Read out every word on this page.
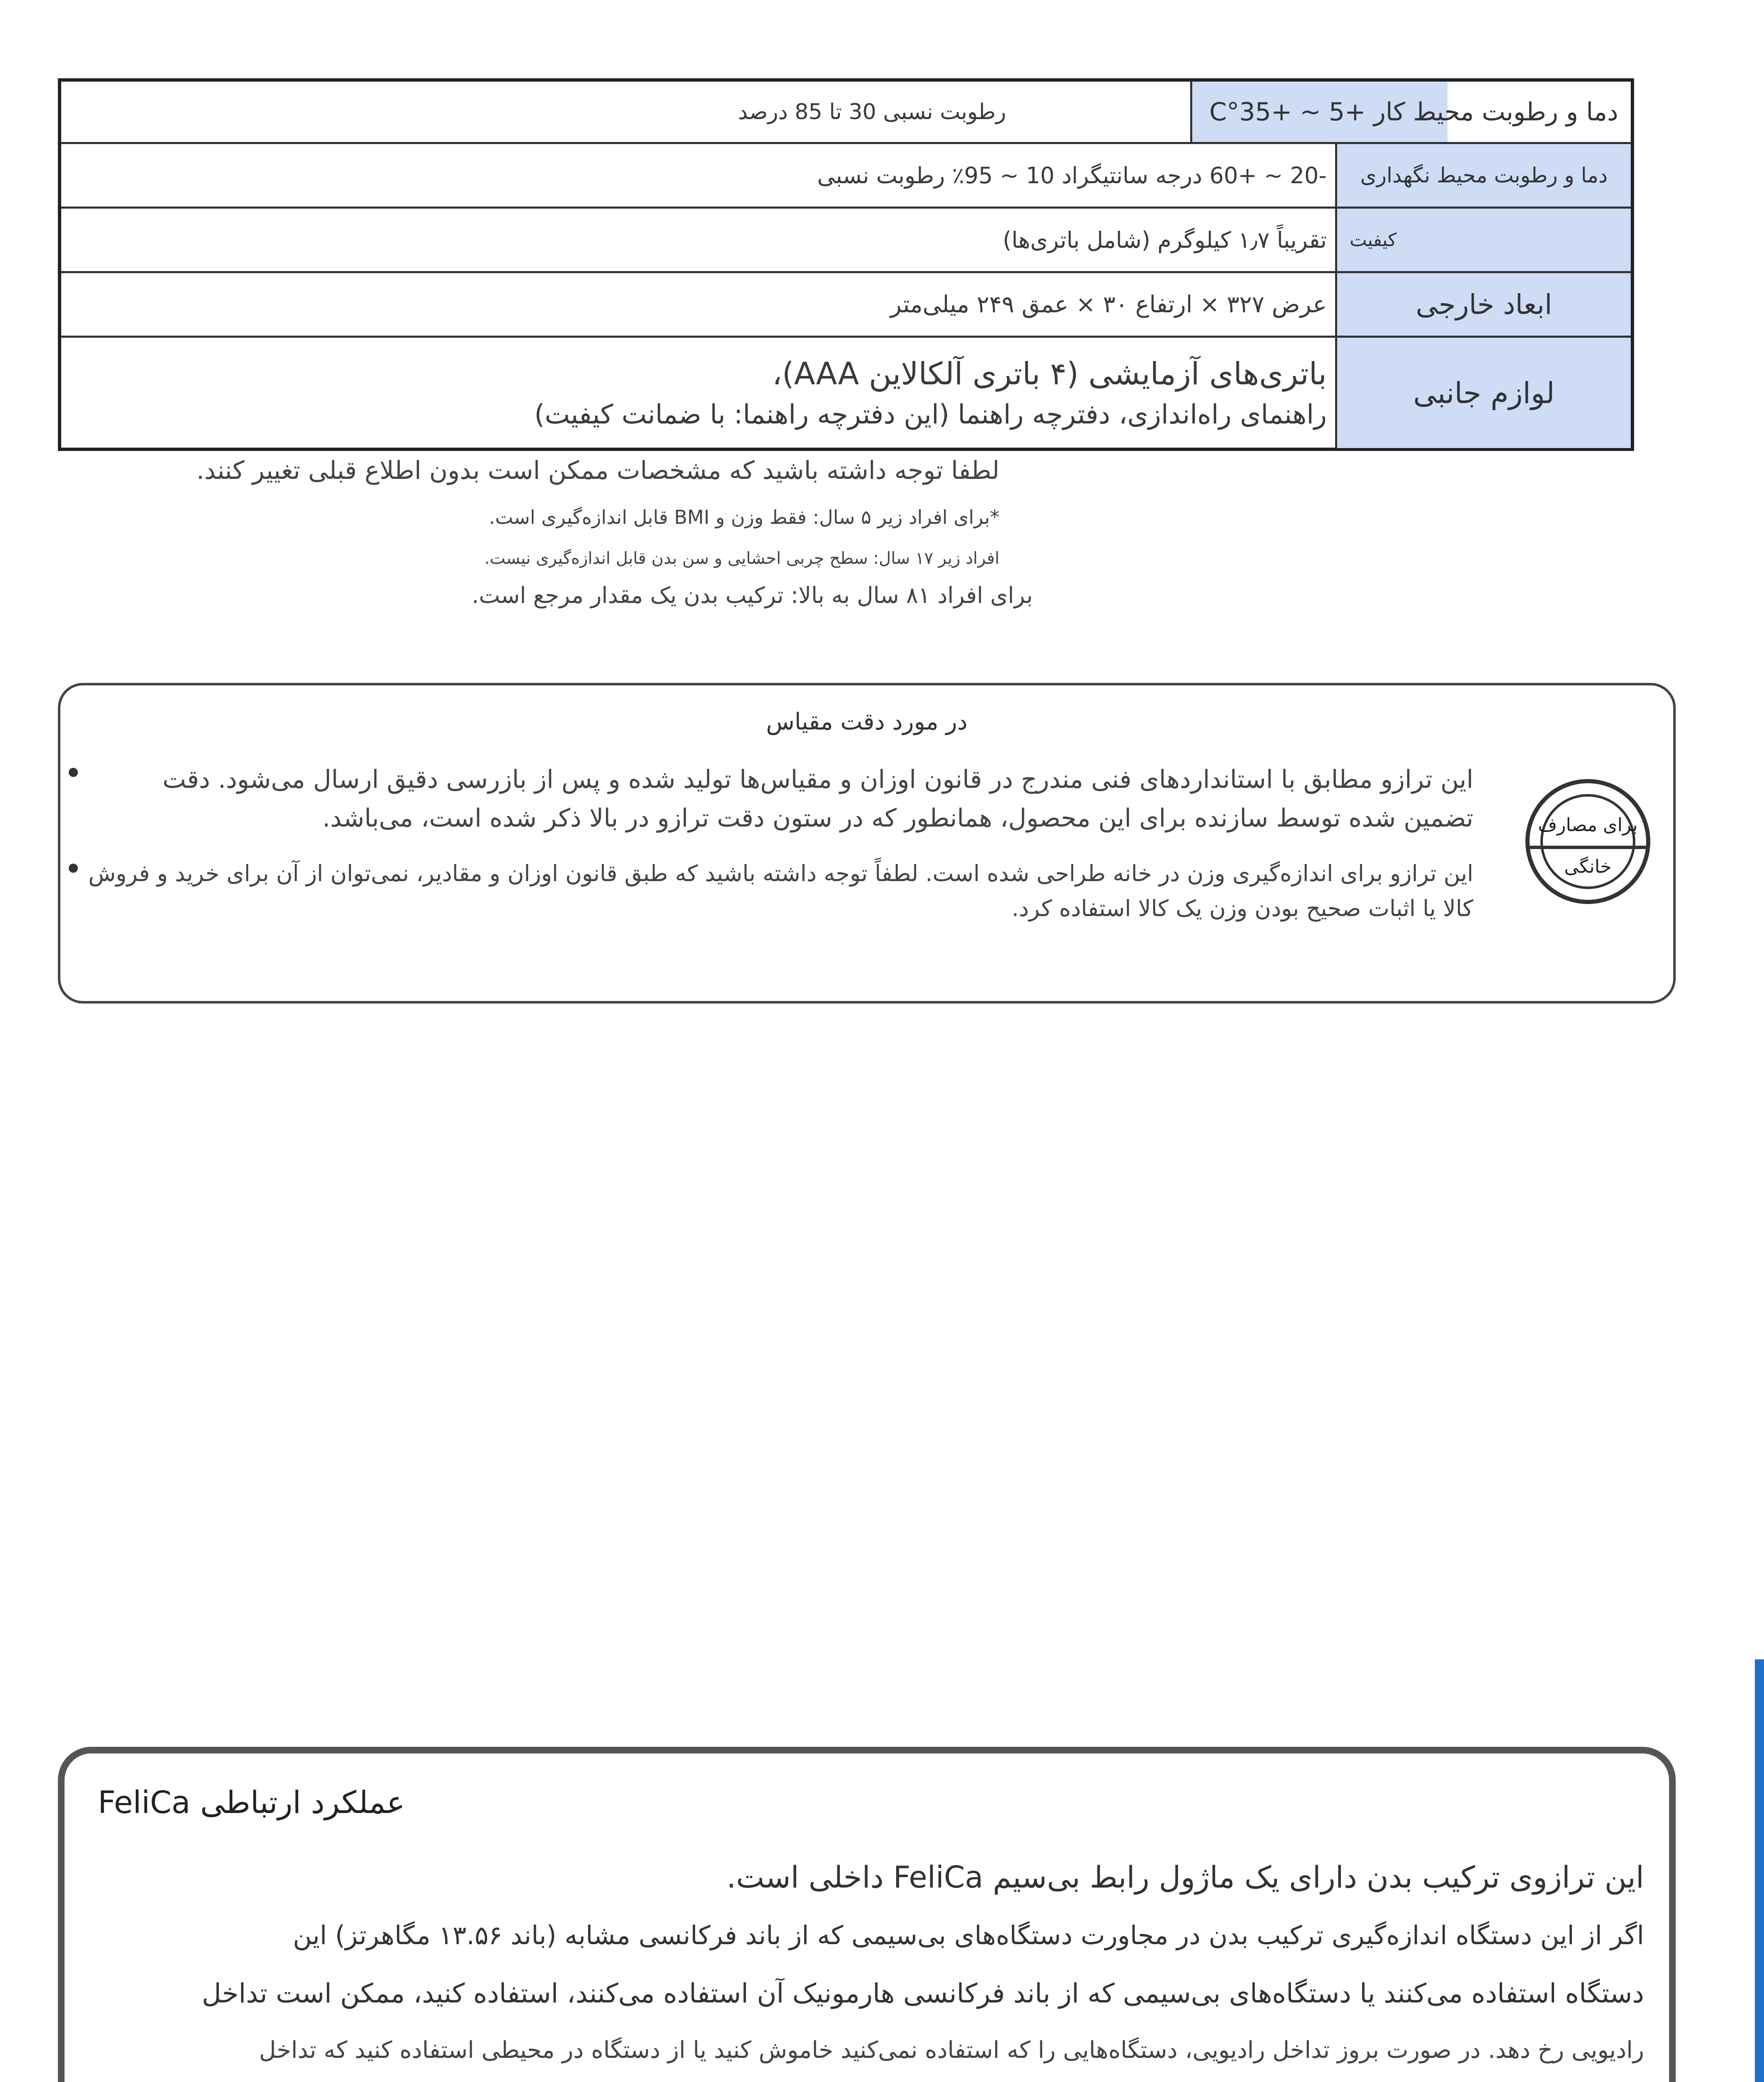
دما و رطوبت محیط کار +5 ~ +35°C
رطوبت نسبی 30 تا 85 درصد
دما و رطوبت محیط نگهداری
-20 ~ +60 درجه سانتیگراد 10 ~ 95٪ رطوبت نسبی
کیفیت
تقریباً ۱٫۷ کیلوگرم (شامل باتری‌ها)
ابعاد خارجی
عرض ۳۲۷ × ارتفاع ۳۰ × عمق ۲۴۹ میلی‌متر
لوازم جانبی
باتری‌های آزمایشی (۴ باتری آلکالاین AAA)،
راهنمای راه‌اندازی، دفترچه راهنما (این دفترچه راهنما: با ضمانت کیفیت)
لطفا توجه داشته باشید که مشخصات ممکن است بدون اطلاع قبلی تغییر کنند.
*برای افراد زیر ۵ سال: فقط وزن و BMI قابل اندازه‌گیری است.
افراد زیر ۱۷ سال: سطح چربی احشایی و سن بدن قابل اندازه‌گیری نیست.
برای افراد ۸۱ سال به بالا: ترکیب بدن یک مقدار مرجع است.
در مورد دقت مقیاس
این ترازو مطابق با استانداردهای فنی مندرج در قانون اوزان و مقیاس‌ها تولید شده و پس از بازرسی دقیق ارسال می‌شود. دقت تضمین شده توسط سازنده برای این محصول، همانطور که در ستون دقت ترازو در بالا ذکر شده است، می‌باشد.
این ترازو برای اندازه‌گیری وزن در خانه طراحی شده است. لطفاً توجه داشته باشید که طبق قانون اوزان و مقادیر، نمی‌توان از آن برای خرید و فروش کالا یا اثبات صحیح بودن وزن یک کالا استفاده کرد.
برای مصارف
خانگی
عملکرد ارتباطی FeliCa
این ترازوی ترکیب بدن دارای یک ماژول رابط بی‌سیم FeliCa داخلی است.
اگر از این دستگاه اندازه‌گیری ترکیب بدن در مجاورت دستگاه‌های بی‌سیمی که از باند فرکانسی مشابه (باند ۱۳.۵۶ مگاهرتز) این
دستگاه استفاده می‌کنند یا دستگاه‌های بی‌سیمی که از باند فرکانسی هارمونیک آن استفاده می‌کنند، استفاده کنید، ممکن است تداخل
رادیویی رخ دهد. در صورت بروز تداخل رادیویی، دستگاه‌هایی را که استفاده نمی‌کنید خاموش کنید یا از دستگاه در محیطی استفاده کنید که تداخل
